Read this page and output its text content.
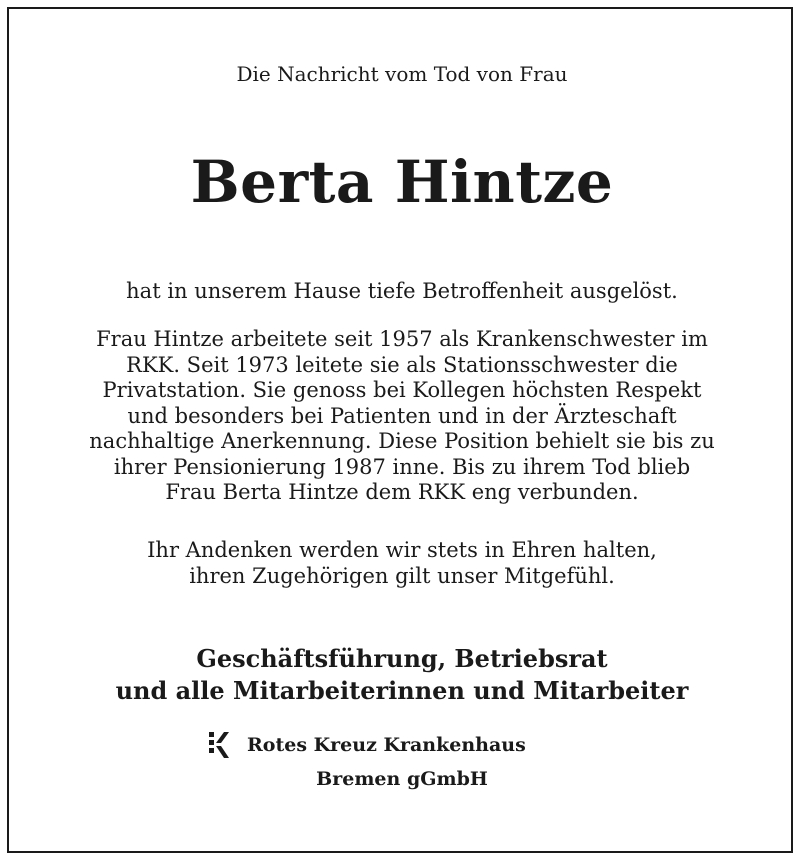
Die Nachricht vom Tod von Frau
Berta Hintze
hat in unserem Hause tiefe Betroffenheit ausgelöst.
Frau Hintze arbeitete seit 1957 als Krankenschwester im
RKK. Seit 1973 leitete sie als Stationsschwester die
Privatstation. Sie genoss bei Kollegen höchsten Respekt
und besonders bei Patienten und in der Ärzteschaft
nachhaltige Anerkennung. Diese Position behielt sie bis zu
ihrer Pensionierung 1987 inne. Bis zu ihrem Tod blieb
Frau Berta Hintze dem RKK eng verbunden.
Ihr Andenken werden wir stets in Ehren halten,
ihren Zugehörigen gilt unser Mitgefühl.
Geschäftsführung, Betriebsrat
und alle Mitarbeiterinnen und Mitarbeiter
Rotes Kreuz Krankenhaus
Bremen gGmbH
